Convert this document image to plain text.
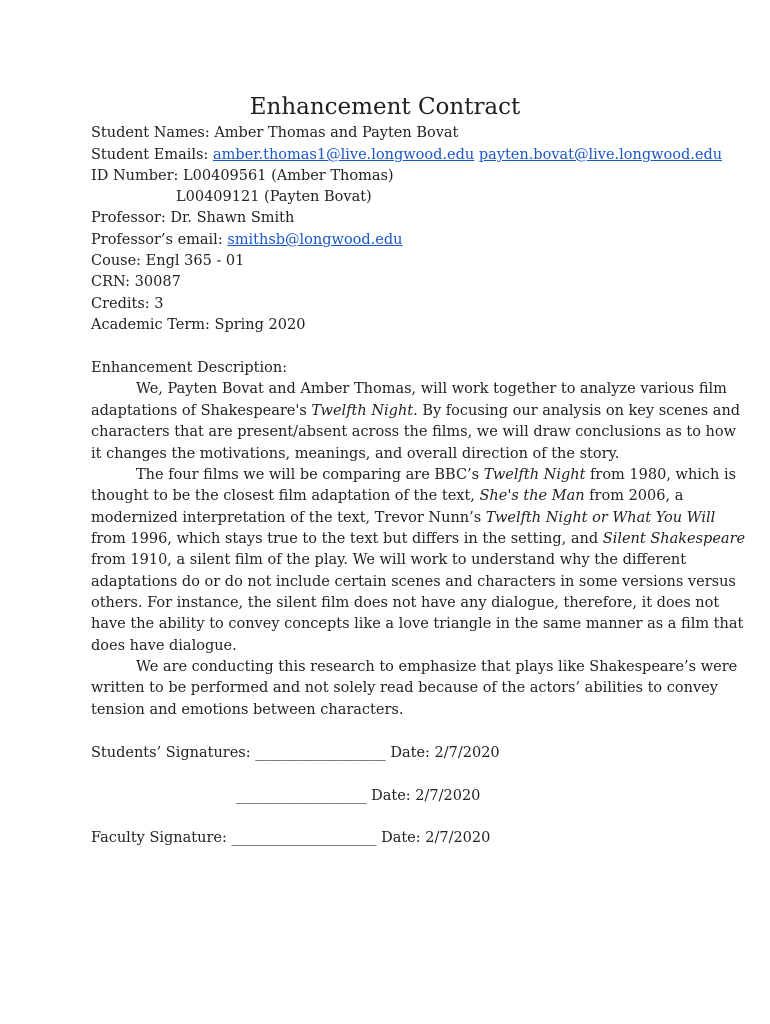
Enhancement Contract
Student Names: Amber Thomas and Payten Bovat
Student Emails: amber.thomas1@live.longwood.edu payten.bovat@live.longwood.edu
ID Number: L00409561 (Amber Thomas)
L00409121 (Payten Bovat)
Professor: Dr. Shawn Smith
Professor’s email: smithsb@longwood.edu
Couse: Engl 365 - 01
CRN: 30087
Credits: 3
Academic Term: Spring 2020
Enhancement Description:
We, Payten Bovat and Amber Thomas, will work together to analyze various film
adaptations of Shakespeare's Twelfth Night. By focusing our analysis on key scenes and
characters that are present/absent across the films, we will draw conclusions as to how
it changes the motivations, meanings, and overall direction of the story.
The four films we will be comparing are BBC’s Twelfth Night from 1980, which is
thought to be the closest film adaptation of the text, She's the Man from 2006, a
modernized interpretation of the text, Trevor Nunn’s Twelfth Night or What You Will
from 1996, which stays true to the text but differs in the setting, and Silent Shakespeare
from 1910, a silent film of the play. We will work to understand why the different
adaptations do or do not include certain scenes and characters in some versions versus
others. For instance, the silent film does not have any dialogue, therefore, it does not
have the ability to convey concepts like a love triangle in the same manner as a film that
does have dialogue.
We are conducting this research to emphasize that plays like Shakespeare’s were
written to be performed and not solely read because of the actors’ abilities to convey
tension and emotions between characters.
Students’ Signatures: __________________ Date: 2/7/2020
__________________ Date: 2/7/2020
Faculty Signature: ____________________ Date: 2/7/2020
